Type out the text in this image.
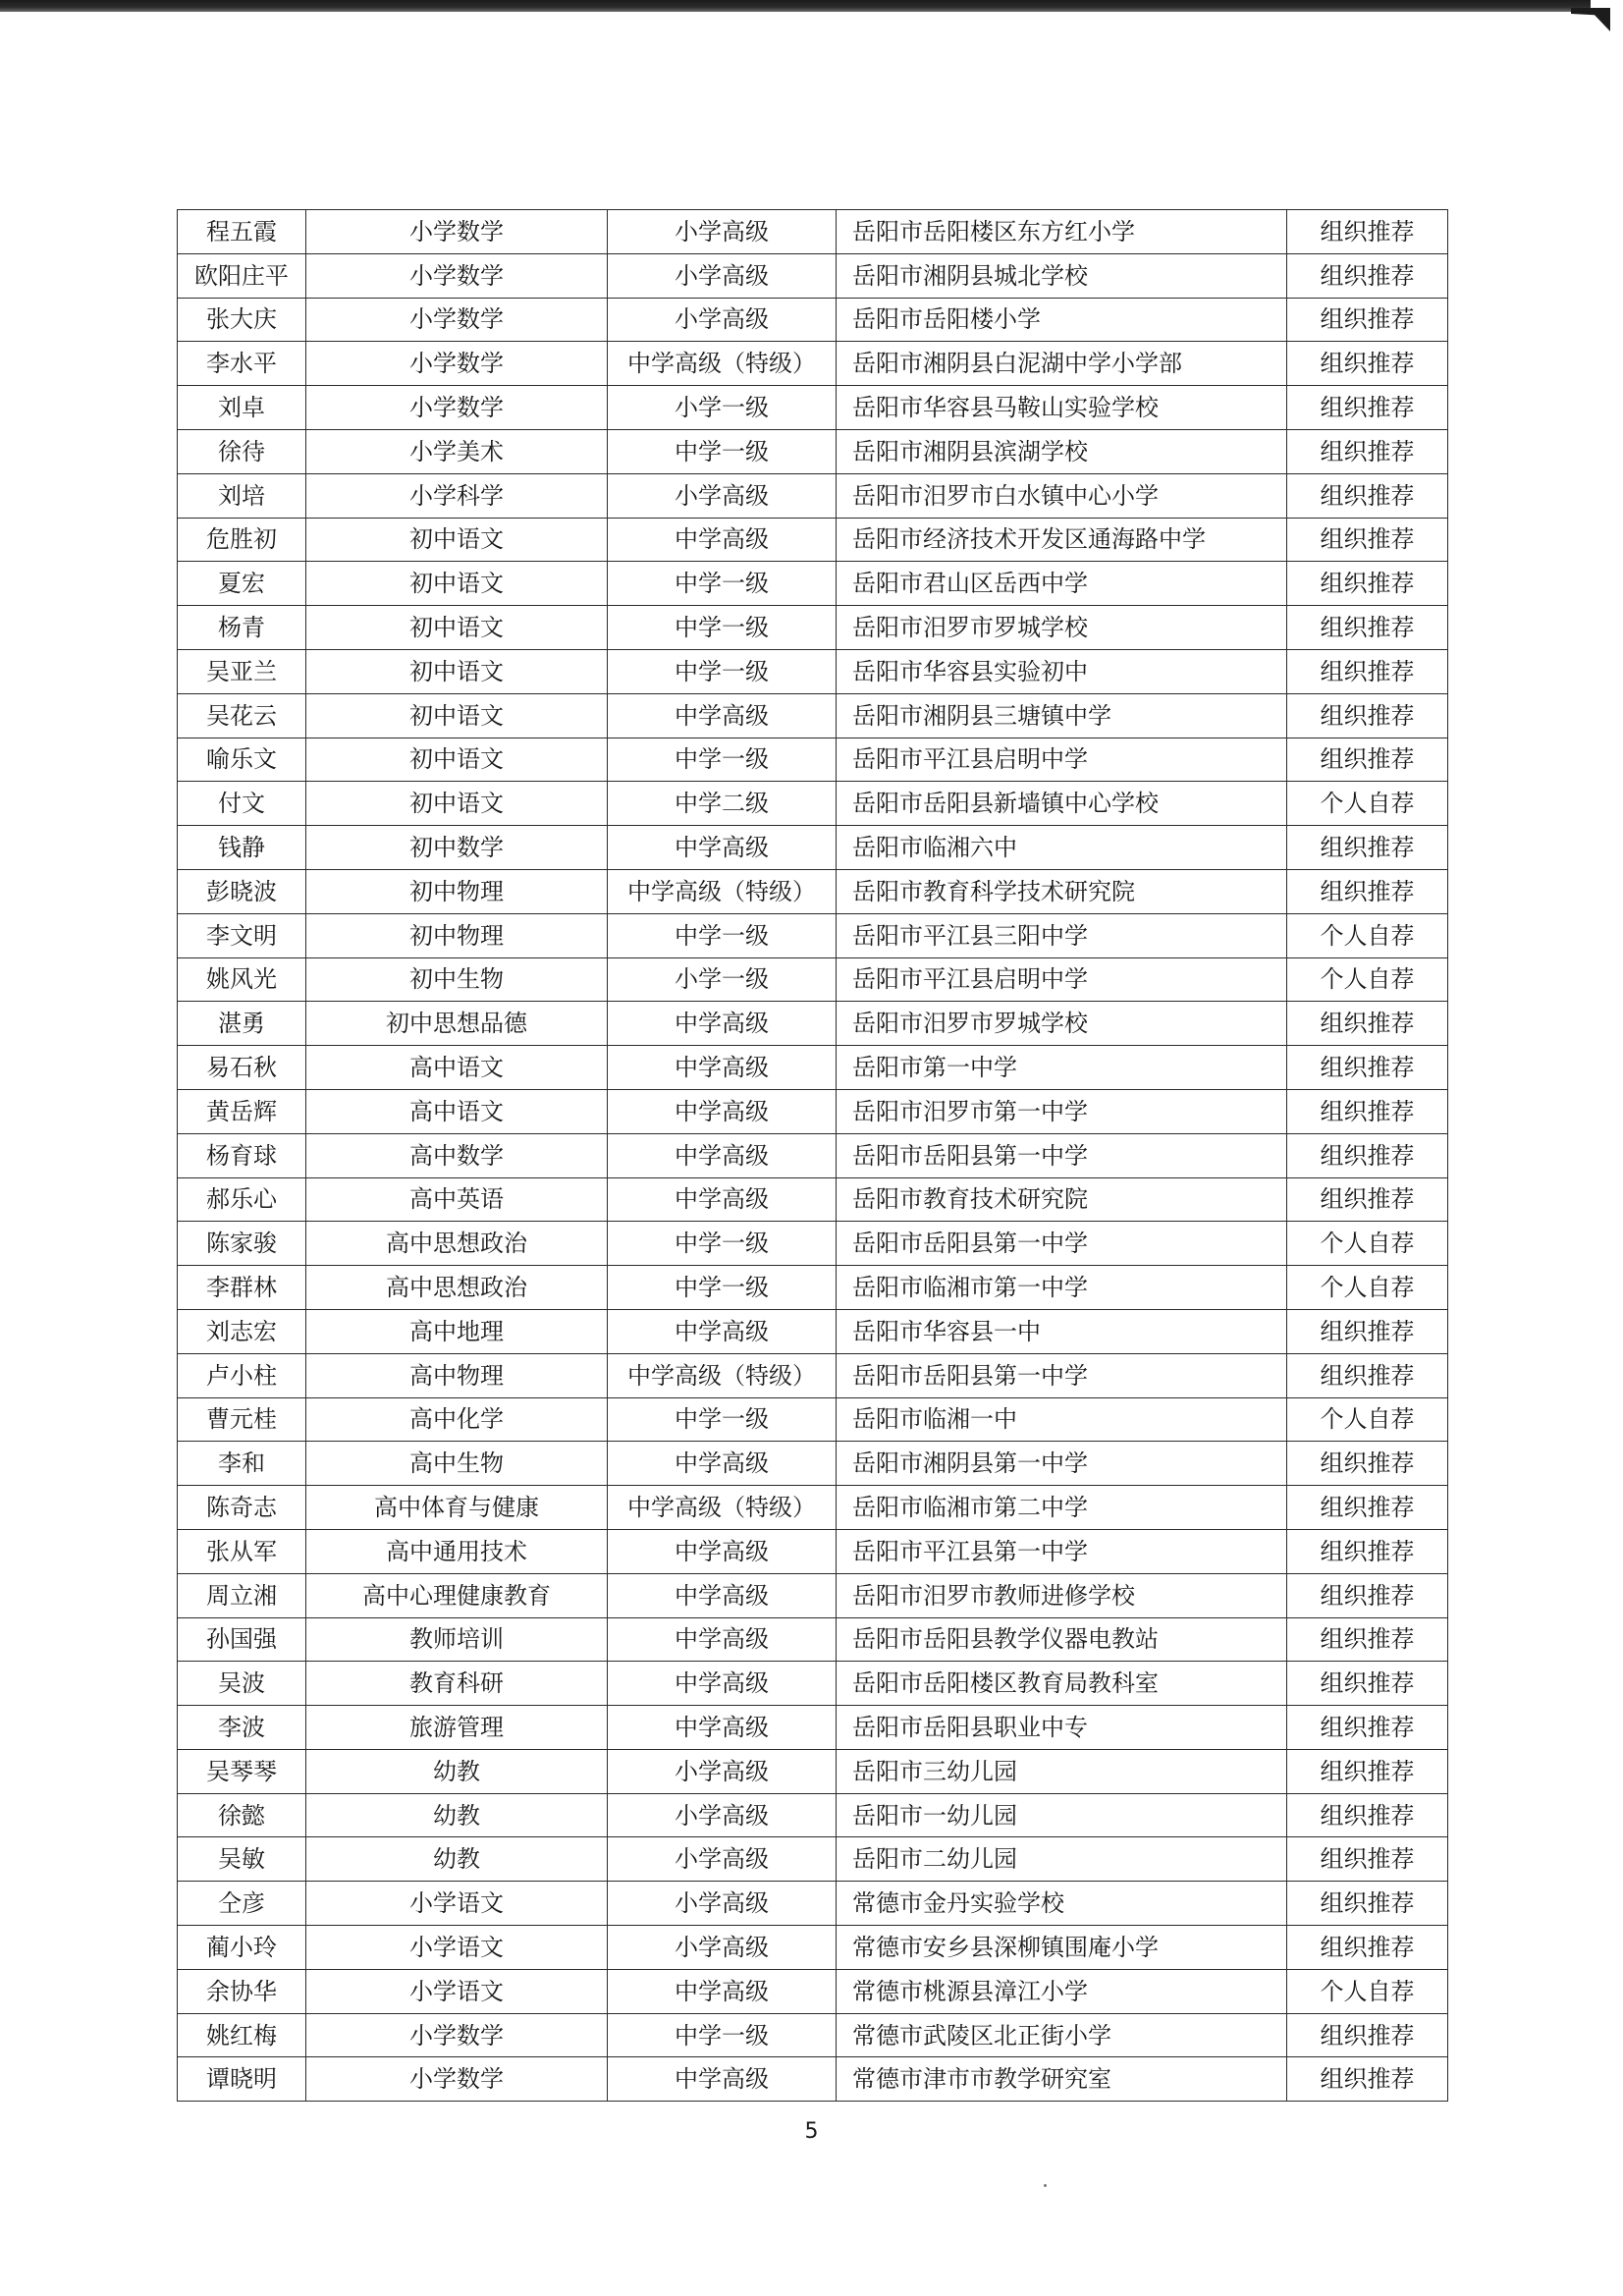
程五霞	小学数学	小学高级	岳阳市岳阳楼区东方红小学	组织推荐
欧阳庄平	小学数学	小学高级	岳阳市湘阴县城北学校	组织推荐
张大庆	小学数学	小学高级	岳阳市岳阳楼小学	组织推荐
李水平	小学数学	中学高级（特级）	岳阳市湘阴县白泥湖中学小学部	组织推荐
刘卓	小学数学	小学一级	岳阳市华容县马鞍山实验学校	组织推荐
徐待	小学美术	中学一级	岳阳市湘阴县滨湖学校	组织推荐
刘培	小学科学	小学高级	岳阳市汨罗市白水镇中心小学	组织推荐
危胜初	初中语文	中学高级	岳阳市经济技术开发区通海路中学	组织推荐
夏宏	初中语文	中学一级	岳阳市君山区岳西中学	组织推荐
杨青	初中语文	中学一级	岳阳市汨罗市罗城学校	组织推荐
吴亚兰	初中语文	中学一级	岳阳市华容县实验初中	组织推荐
吴花云	初中语文	中学高级	岳阳市湘阴县三塘镇中学	组织推荐
喻乐文	初中语文	中学一级	岳阳市平江县启明中学	组织推荐
付文	初中语文	中学二级	岳阳市岳阳县新墙镇中心学校	个人自荐
钱静	初中数学	中学高级	岳阳市临湘六中	组织推荐
彭晓波	初中物理	中学高级（特级）	岳阳市教育科学技术研究院	组织推荐
李文明	初中物理	中学一级	岳阳市平江县三阳中学	个人自荐
姚风光	初中生物	小学一级	岳阳市平江县启明中学	个人自荐
湛勇	初中思想品德	中学高级	岳阳市汨罗市罗城学校	组织推荐
易石秋	高中语文	中学高级	岳阳市第一中学	组织推荐
黄岳辉	高中语文	中学高级	岳阳市汨罗市第一中学	组织推荐
杨育球	高中数学	中学高级	岳阳市岳阳县第一中学	组织推荐
郝乐心	高中英语	中学高级	岳阳市教育技术研究院	组织推荐
陈家骏	高中思想政治	中学一级	岳阳市岳阳县第一中学	个人自荐
李群林	高中思想政治	中学一级	岳阳市临湘市第一中学	个人自荐
刘志宏	高中地理	中学高级	岳阳市华容县一中	组织推荐
卢小柱	高中物理	中学高级（特级）	岳阳市岳阳县第一中学	组织推荐
曹元桂	高中化学	中学一级	岳阳市临湘一中	个人自荐
李和	高中生物	中学高级	岳阳市湘阴县第一中学	组织推荐
陈奇志	高中体育与健康	中学高级（特级）	岳阳市临湘市第二中学	组织推荐
张从军	高中通用技术	中学高级	岳阳市平江县第一中学	组织推荐
周立湘	高中心理健康教育	中学高级	岳阳市汨罗市教师进修学校	组织推荐
孙国强	教师培训	中学高级	岳阳市岳阳县教学仪器电教站	组织推荐
吴波	教育科研	中学高级	岳阳市岳阳楼区教育局教科室	组织推荐
李波	旅游管理	中学高级	岳阳市岳阳县职业中专	组织推荐
吴琴琴	幼教	小学高级	岳阳市三幼儿园	组织推荐
徐懿	幼教	小学高级	岳阳市一幼儿园	组织推荐
吴敏	幼教	小学高级	岳阳市二幼儿园	组织推荐
仝彦	小学语文	小学高级	常德市金丹实验学校	组织推荐
蔺小玲	小学语文	小学高级	常德市安乡县深柳镇围庵小学	组织推荐
余协华	小学语文	中学高级	常德市桃源县漳江小学	个人自荐
姚红梅	小学数学	中学一级	常德市武陵区北正街小学	组织推荐
谭晓明	小学数学	中学高级	常德市津市市教学研究室	组织推荐
5
